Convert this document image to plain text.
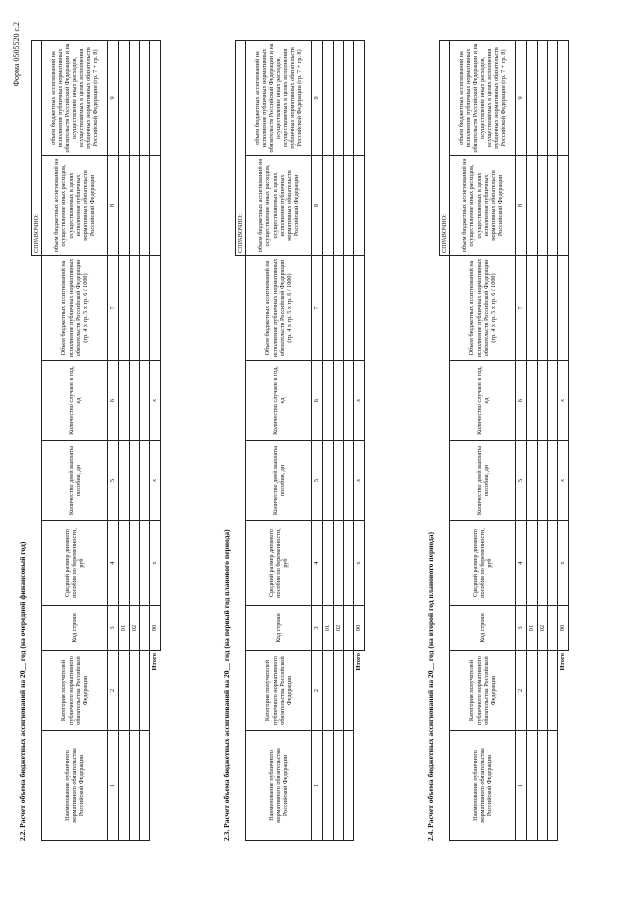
Форма 0505520 с.2
2.2. Расчет объема бюджетных ассигнований на 20__ год (на очередной финансовый год)
							СПРАВОЧНО:	
Наименование публичного нормативного обязательства Российской Федерации	Категория получателей публичного нормативного обязательства Российской Федерации	Код строки	Средний размер дневного пособия по беременности, руб	Количество дней выплаты пособия, дн	Количество случаев в год, ед	Объем бюджетных ассигнований на исполнение публичных нормативных обязательств Российской Федерации (гр. 4 х гр. 5 х гр. 6 / 1000)	объем бюджетных ассигнований на осуществление иных расходов, осуществляемых в целях исполнения публичных нормативных обязательств Российской Федерации	объем бюджетных ассигнований на исполнение публичных нормативных обязательств Российской Федерации и на осуществление иных расходов, осуществляемых в целях исполнения публичных нормативных обязательств Российской Федерации (гр. 7 + гр. 8)
1	2	3	4	5	6	7	8	9
		01						
		02						

Итого		90	x	x	x			
2.3. Расчет объема бюджетных ассигнований на 20__ год (на первый год планового периода)
							СПРАВОЧНО:	
Наименование публичного нормативного обязательства Российской Федерации	Категория получателей публичного нормативного обязательства Российской Федерации	Код строки	Средний размер дневного пособия по беременности, руб	Количество дней выплаты пособия, дн	Количество случаев в год, ед	Объем бюджетных ассигнований на исполнение публичных нормативных обязательств Российской Федерации (гр. 4 х гр. 5 х гр. 6 / 1000)	объем бюджетных ассигнований на осуществление иных расходов, осуществляемых в целях исполнения публичных нормативных обязательств Российской Федерации	объем бюджетных ассигнований на исполнение публичных нормативных обязательств Российской Федерации и на осуществление иных расходов, осуществляемых в целях исполнения публичных нормативных обязательств Российской Федерации (гр. 7 + гр. 8)
1	2	3	4	5	6	7	8	9
		01						
		02						

Итого		90	x	x	x			
2.4. Расчет объема бюджетных ассигнований на 20__ год (на второй год планового периода)
							СПРАВОЧНО:	
Наименование публичного нормативного обязательства Российской Федерации	Категория получателей публичного нормативного обязательства Российской Федерации	Код строки	Средний размер дневного пособия по беременности, руб	Количество дней выплаты пособия, дн	Количество случаев в год, ед	Объем бюджетных ассигнований на исполнение публичных нормативных обязательств Российской Федерации (гр. 4 х гр. 5 х гр. 6 / 1000)	объем бюджетных ассигнований на осуществление иных расходов, осуществляемых в целях исполнения публичных нормативных обязательств Российской Федерации	объем бюджетных ассигнований на исполнение публичных нормативных обязательств Российской Федерации и на осуществление иных расходов, осуществляемых в целях исполнения публичных нормативных обязательств Российской Федерации (гр. 7 + гр. 8)
1	2	3	4	5	6	7	8	9
		01						
		02						

Итого		90	x	x	x			
